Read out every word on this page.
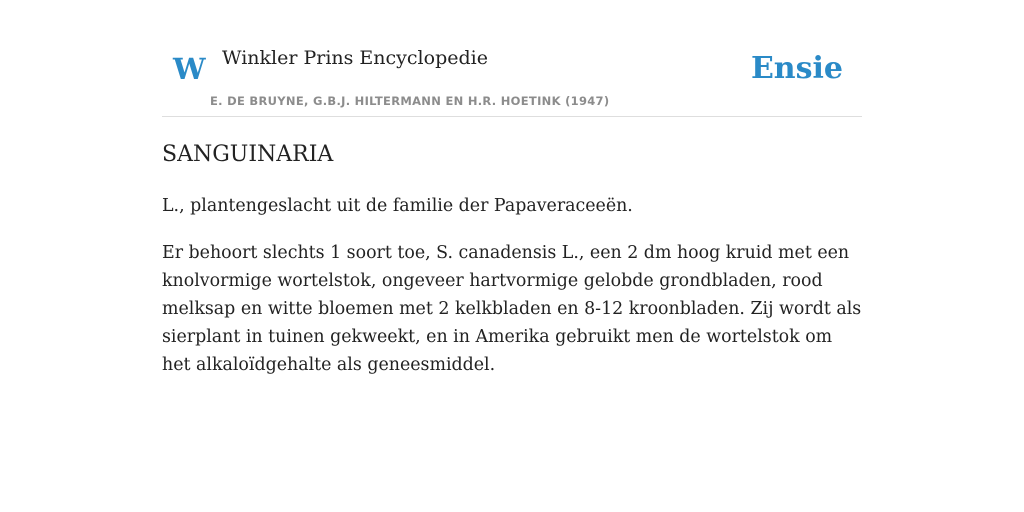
W Winkler Prins Encyclopedie
E. DE BRUYNE, G.B.J. HILTERMANN EN H.R. HOETINK (1947)
Ensie
SANGUINARIA

L., plantengeslacht uit de familie der Papaveraceeën.

Er behoort slechts 1 soort toe, S. canadensis L., een 2 dm hoog kruid met een knolvormige wortelstok, ongeveer hartvormige gelobde grondbladen, rood melksap en witte bloemen met 2 kelkbladen en 8-12 kroonbladen. Zij wordt als sierplant in tuinen gekweekt, en in Amerika gebruikt men de wortelstok om het alkaloïdgehalte als geneesmiddel.
